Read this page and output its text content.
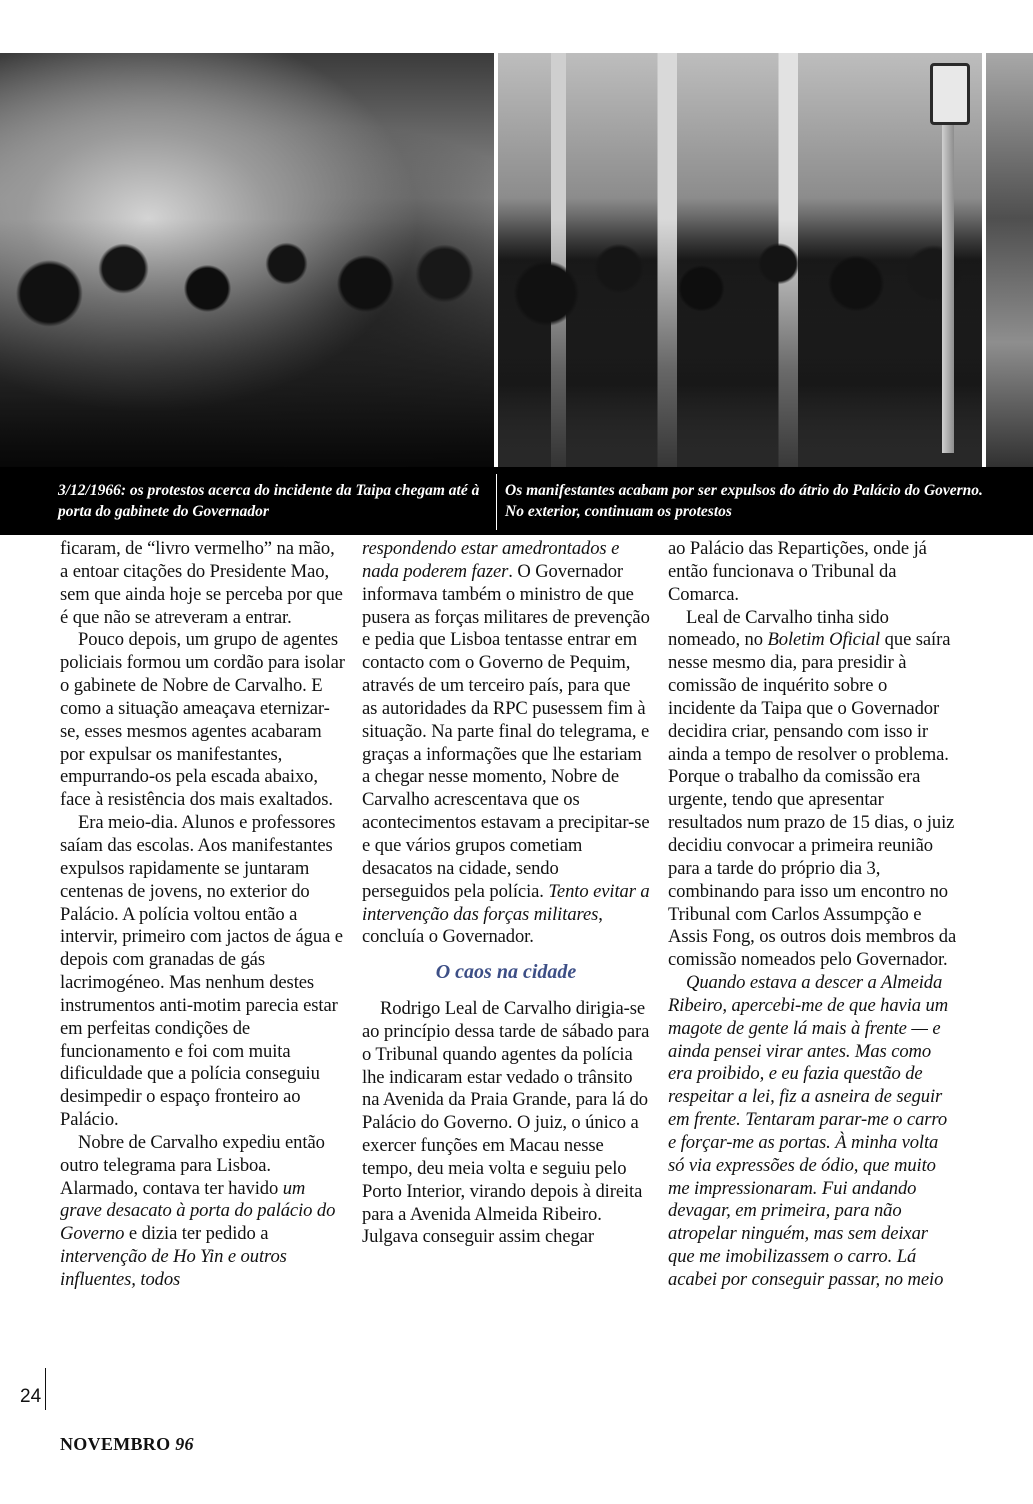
3/12/1966: os protestos acerca do incidente da Taipa chegam até à porta do gabinete do Governador
Os manifestantes acabam por ser expulsos do átrio do Palácio do Governo. No exterior, continuam os protestos

ficaram, de “livro vermelho” na mão, a entoar citações do Presidente Mao, sem que ainda hoje se perceba por que é que não se atreveram a entrar.

Pouco depois, um grupo de agentes policiais formou um cordão para isolar o gabinete de Nobre de Carvalho. E como a situação ameaçava eternizar-se, esses mesmos agentes acabaram por expulsar os manifestantes, empurrando-os pela escada abaixo, face à resistência dos mais exaltados.

Era meio-dia. Alunos e professores saíam das escolas. Aos manifestantes expulsos rapidamente se juntaram centenas de jovens, no exterior do Palácio. A polícia voltou então a intervir, primeiro com jactos de água e depois com granadas de gás lacrimogéneo. Mas nenhum destes instrumentos anti-motim parecia estar em perfeitas condições de funcionamento e foi com muita dificuldade que a polícia conseguiu desimpedir o espaço fronteiro ao Palácio.

Nobre de Carvalho expediu então outro telegrama para Lisboa. Alarmado, contava ter havido um grave desacato à porta do palácio do Governo e dizia ter pedido a intervenção de Ho Yin e outros influentes, todos

respondendo estar amedrontados e nada poderem fazer. O Governador informava também o ministro de que pusera as forças militares de prevenção e pedia que Lisboa tentasse entrar em contacto com o Governo de Pequim, através de um terceiro país, para que as autoridades da RPC pusessem fim à situação. Na parte final do telegrama, e graças a informações que lhe estariam a chegar nesse momento, Nobre de Carvalho acrescentava que os acontecimentos estavam a precipitar-se e que vários grupos cometiam desacatos na cidade, sendo perseguidos pela polícia. Tento evitar a intervenção das forças militares, concluía o Governador.

O caos na cidade

Rodrigo Leal de Carvalho dirigia-se ao princípio dessa tarde de sábado para o Tribunal quando agentes da polícia lhe indicaram estar vedado o trânsito na Avenida da Praia Grande, para lá do Palácio do Governo. O juiz, o único a exercer funções em Macau nesse tempo, deu meia volta e seguiu pelo Porto Interior, virando depois à direita para a Avenida Almeida Ribeiro. Julgava conseguir assim chegar

ao Palácio das Repartições, onde já então funcionava o Tribunal da Comarca.

Leal de Carvalho tinha sido nomeado, no Boletim Oficial que saíra nesse mesmo dia, para presidir à comissão de inquérito sobre o incidente da Taipa que o Governador decidira criar, pensando com isso ir ainda a tempo de resolver o problema. Porque o trabalho da comissão era urgente, tendo que apresentar resultados num prazo de 15 dias, o juiz decidiu convocar a primeira reunião para a tarde do próprio dia 3, combinando para isso um encontro no Tribunal com Carlos Assumpção e Assis Fong, os outros dois membros da comissão nomeados pelo Governador.

Quando estava a descer a Almeida Ribeiro, apercebi-me de que havia um magote de gente lá mais à frente — e ainda pensei virar antes. Mas como era proibido, e eu fazia questão de respeitar a lei, fiz a asneira de seguir em frente. Tentaram parar-me o carro e forçar-me as portas. À minha volta só via expressões de ódio, que muito me impressionaram. Fui andando devagar, em primeira, para não atropelar ninguém, mas sem deixar que me imobilizassem o carro. Lá acabei por conseguir passar, no meio

24
NOVEMBRO 96
